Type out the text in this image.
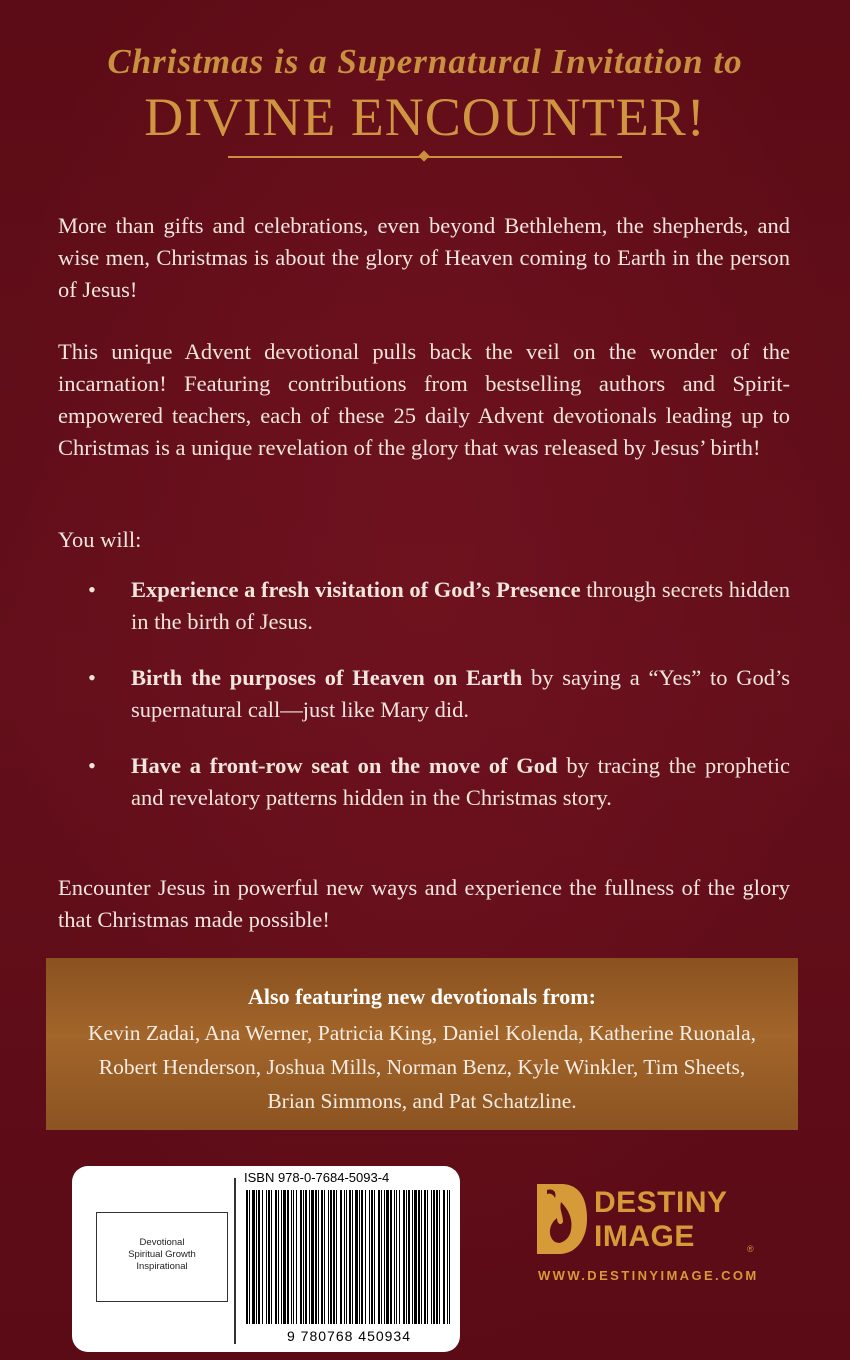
Christmas is a Supernatural Invitation to
DIVINE ENCOUNTER!
More than gifts and celebrations, even beyond Bethlehem, the shepherds, and wise men, Christmas is about the glory of Heaven coming to Earth in the person of Jesus!
This unique Advent devotional pulls back the veil on the wonder of the incarnation! Featuring contributions from bestselling authors and Spirit-empowered teachers, each of these 25 daily Advent devotionals leading up to Christmas is a unique revelation of the glory that was released by Jesus’ birth!
You will:
• Experience a fresh visitation of God’s Presence through secrets hidden in the birth of Jesus.
• Birth the purposes of Heaven on Earth by saying a “Yes” to God’s supernatural call—just like Mary did.
• Have a front-row seat on the move of God by tracing the prophetic and revelatory patterns hidden in the Christmas story.
Encounter Jesus in powerful new ways and experience the fullness of the glory that Christmas made possible!
Also featuring new devotionals from:
Kevin Zadai, Ana Werner, Patricia King, Daniel Kolenda, Katherine Ruonala, Robert Henderson, Joshua Mills, Norman Benz, Kyle Winkler, Tim Sheets, Brian Simmons, and Pat Schatzline.
Devotional
Spiritual Growth
Inspirational
ISBN 978-0-7684-5093-4
9 780768 450934
DESTINY
IMAGE	®
WWW.DESTINYIMAGE.COM
